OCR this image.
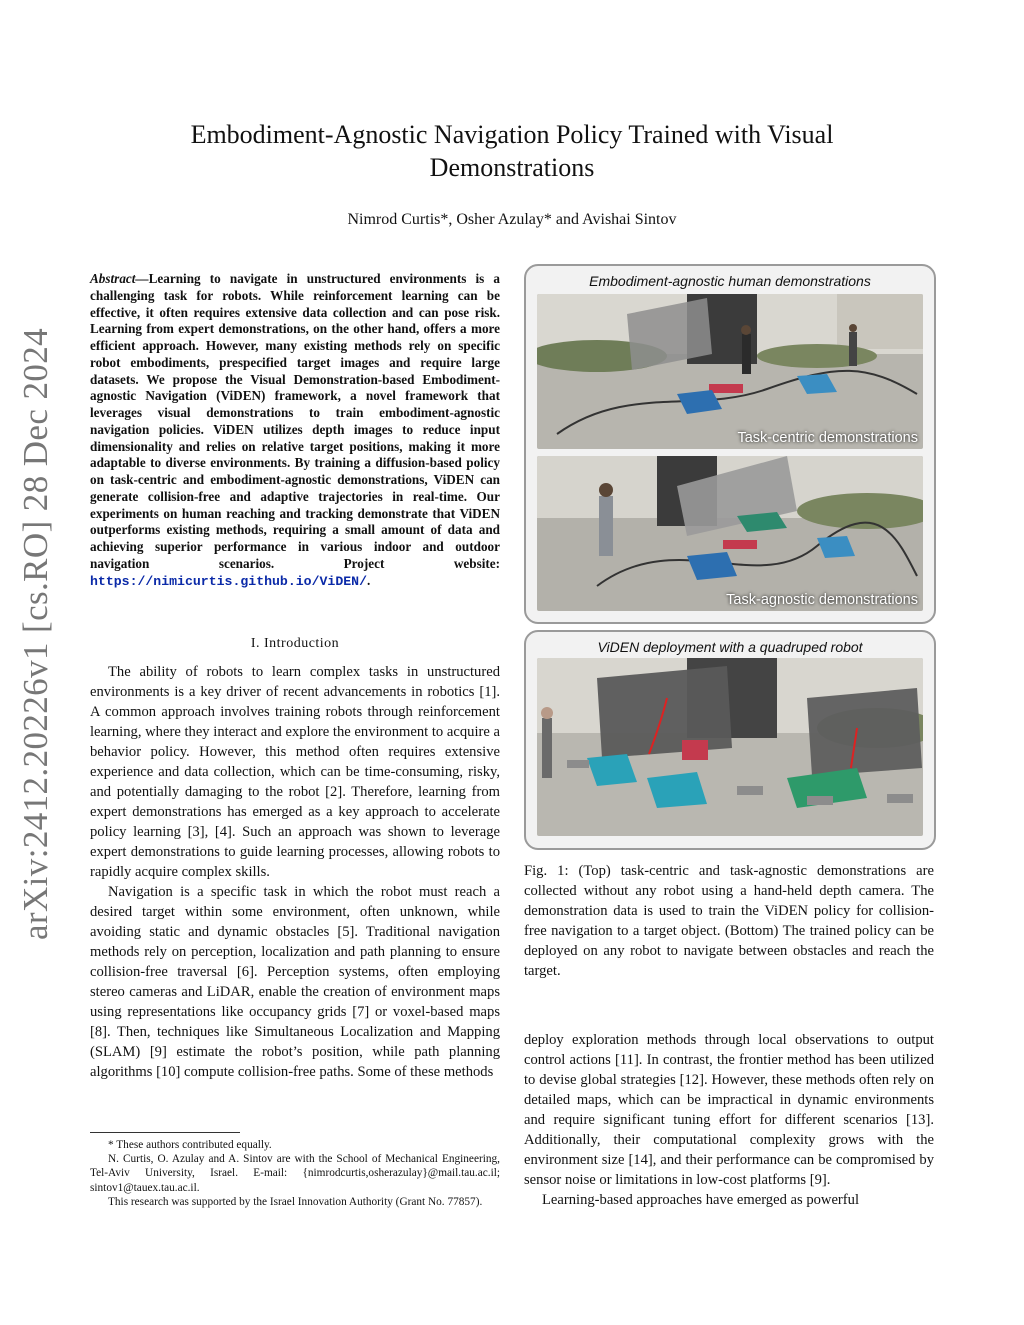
arXiv:2412.20226v1 [cs.RO] 28 Dec 2024
Embodiment-Agnostic Navigation Policy Trained with Visual
Demonstrations
Nimrod Curtis*, Osher Azulay* and Avishai Sintov
Abstract—Learning to navigate in unstructured environments is a challenging task for robots. While reinforcement learning can be effective, it often requires extensive data collection and can pose risk. Learning from expert demonstrations, on the other hand, offers a more efficient approach. However, many existing methods rely on specific robot embodiments, prespecified target images and require large datasets. We propose the Visual Demonstration-based Embodiment-agnostic Navigation (ViDEN) framework, a novel framework that leverages visual demonstrations to train embodiment-agnostic navigation policies. ViDEN utilizes depth images to reduce input dimensionality and relies on relative target positions, making it more adaptable to diverse environments. By training a diffusion-based policy on task-centric and embodiment-agnostic demonstrations, ViDEN can generate collision-free and adaptive trajectories in real-time. Our experiments on human reaching and tracking demonstrate that ViDEN outperforms existing methods, requiring a small amount of data and achieving superior performance in various indoor and outdoor navigation scenarios. Project website: https://nimicurtis.github.io/ViDEN/.
I. Introduction
The ability of robots to learn complex tasks in unstructured environments is a key driver of recent advancements in robotics [1]. A common approach involves training robots through reinforcement learning, where they interact and explore the environment to acquire a behavior policy. However, this method often requires extensive experience and data collection, which can be time-consuming, risky, and potentially damaging to the robot [2]. Therefore, learning from expert demonstrations has emerged as a key approach to accelerate policy learning [3], [4]. Such an approach was shown to leverage expert demonstrations to guide learning processes, allowing robots to rapidly acquire complex skills.
Navigation is a specific task in which the robot must reach a desired target within some environment, often unknown, while avoiding static and dynamic obstacles [5]. Traditional navigation methods rely on perception, localization and path planning to ensure collision-free traversal [6]. Perception systems, often employing stereo cameras and LiDAR, enable the creation of environment maps using representations like occupancy grids [7] or voxel-based maps [8]. Then, techniques like Simultaneous Localization and Mapping (SLAM) [9] estimate the robot’s position, while path planning algorithms [10] compute collision-free paths. Some of these methods
* These authors contributed equally.
N. Curtis, O. Azulay and A. Sintov are with the School of Mechanical Engineering, Tel-Aviv University, Israel. E-mail: {nimrodcurtis,osherazulay}@mail.tau.ac.il; sintov1@tauex.tau.ac.il.
This research was supported by the Israel Innovation Authority (Grant No. 77857).
Embodiment-agnostic human demonstrations
Task-centric demonstrations
Task-agnostic demonstrations
ViDEN deployment with a quadruped robot
Fig. 1: (Top) task-centric and task-agnostic demonstrations are collected without any robot using a hand-held depth camera. The demonstration data is used to train the ViDEN policy for collision-free navigation to a target object. (Bottom) The trained policy can be deployed on any robot to navigate between obstacles and reach the target.
deploy exploration methods through local observations to output control actions [11]. In contrast, the frontier method has been utilized to devise global strategies [12]. However, these methods often rely on detailed maps, which can be impractical in dynamic environments and require significant tuning effort for different scenarios [13]. Additionally, their computational complexity grows with the environment size [14], and their performance can be compromised by sensor noise or limitations in low-cost platforms [9].
Learning-based approaches have emerged as powerful
